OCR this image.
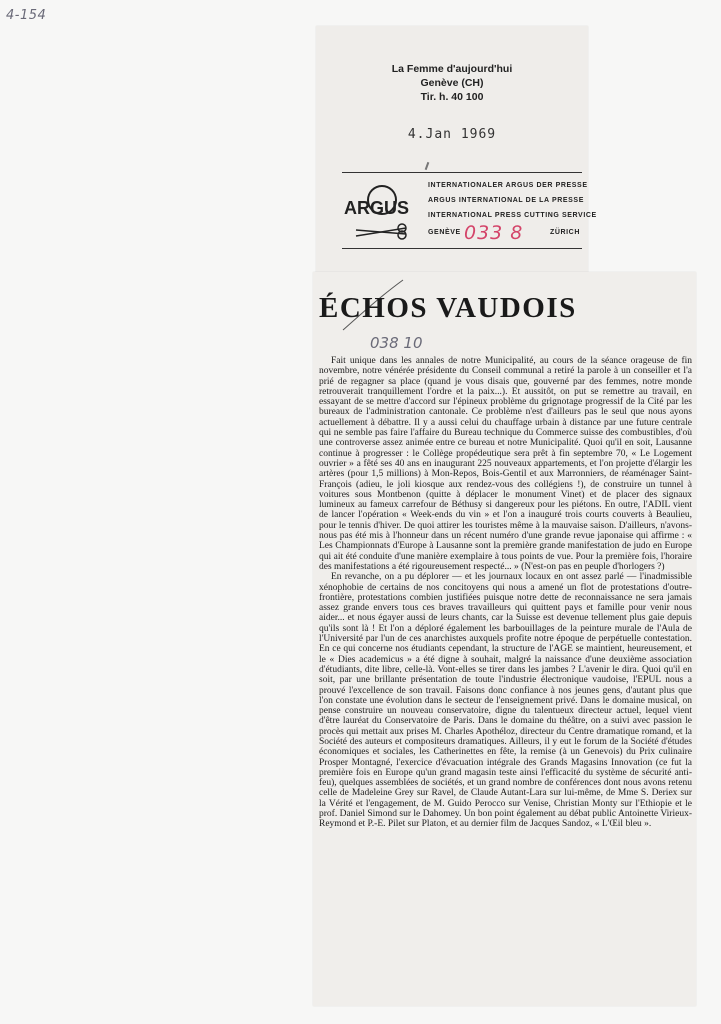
4-154
La Femme d'aujourd'hui
Genève (CH)
Tir. h. 40 100
4.Jan 1969
ARGUS
INTERNATIONALER ARGUS DER PRESSE
ARGUS INTERNATIONAL DE LA PRESSE
INTERNATIONAL PRESS CUTTING SERVICE
GENÈVE 033 8	ZÜRICH
ÉCHOS VAUDOIS
038 10

Fait unique dans les annales de notre Municipalité, au cours de la séance orageuse de fin novembre, notre vénérée présidente du Conseil communal a retiré la parole à un conseiller et l'a prié de regagner sa place (quand je vous disais que, gouverné par des femmes, notre monde retrouverait tranquillement l'ordre et la paix...). Et aussitôt, on put se remettre au travail, en essayant de se mettre d'accord sur l'épineux problème du grignotage progressif de la Cité par les bureaux de l'administration cantonale. Ce problème n'est d'ailleurs pas le seul que nous ayons actuellement à débattre. Il y a aussi celui du chauffage urbain à distance par une future centrale qui ne semble pas faire l'affaire du Bureau technique du Commerce suisse des combustibles, d'où une controverse assez animée entre ce bureau et notre Municipalité. Quoi qu'il en soit, Lausanne continue à progresser : le Collège propédeutique sera prêt à fin septembre 70, « Le Logement ouvrier » a fêté ses 40 ans en inaugurant 225 nouveaux appartements, et l'on projette d'élargir les artères (pour 1,5 millions) à Mon-Repos, Bois-Gentil et aux Marronniers, de réaménager Saint-François (adieu, le joli kiosque aux rendez-vous des collégiens !), de construire un tunnel à voitures sous Montbenon (quitte à déplacer le monument Vinet) et de placer des signaux lumineux au fameux carrefour de Béthusy si dangereux pour les piétons. En outre, l'ADIL vient de lancer l'opération « Week-ends du vin » et l'on a inauguré trois courts couverts à Beaulieu, pour le tennis d'hiver. De quoi attirer les touristes même à la mauvaise saison. D'ailleurs, n'avons-nous pas été mis à l'honneur dans un récent numéro d'une grande revue japonaise qui affirme : « Les Championnats d'Europe à Lausanne sont la première grande manifestation de judo en Europe qui ait été conduite d'une manière exemplaire à tous points de vue. Pour la première fois, l'horaire des manifestations a été rigoureusement respecté... » (N'est-on pas en peuple d'horlogers ?)

En revanche, on a pu déplorer — et les journaux locaux en ont assez parlé — l'inadmissible xénophobie de certains de nos concitoyens qui nous a amené un flot de protestations d'outre-frontière, protestations combien justifiées puisque notre dette de reconnaissance ne sera jamais assez grande envers tous ces braves travailleurs qui quittent pays et famille pour venir nous aider... et nous égayer aussi de leurs chants, car la Suisse est devenue tellement plus gaie depuis qu'ils sont là ! Et l'on a déploré également les barbouillages de la peinture murale de l'Aula de l'Université par l'un de ces anarchistes auxquels profite notre époque de perpétuelle contestation. En ce qui concerne nos étudiants cependant, la structure de l'AGE se maintient, heureusement, et le « Dies academicus » a été digne à souhait, malgré la naissance d'une deuxième association d'étudiants, dite libre, celle-là. Vont-elles se tirer dans les jambes ? L'avenir le dira. Quoi qu'il en soit, par une brillante présentation de toute l'industrie électronique vaudoise, l'EPUL nous a prouvé l'excellence de son travail. Faisons donc confiance à nos jeunes gens, d'autant plus que l'on constate une évolution dans le secteur de l'enseignement privé. Dans le domaine musical, on pense construire un nouveau conservatoire, digne du talentueux directeur actuel, lequel vient d'être lauréat du Conservatoire de Paris. Dans le domaine du théâtre, on a suivi avec passion le procès qui mettait aux prises M. Charles Apothéloz, directeur du Centre dramatique romand, et la Société des auteurs et compositeurs dramatiques. Ailleurs, il y eut le forum de la Société d'études économiques et sociales, les Catherinettes en fête, la remise (à un Genevois) du Prix culinaire Prosper Montagné, l'exercice d'évacuation intégrale des Grands Magasins Innovation (ce fut la première fois en Europe qu'un grand magasin teste ainsi l'efficacité du système de sécurité anti-feu), quelques assemblées de sociétés, et un grand nombre de conférences dont nous avons retenu celle de Madeleine Grey sur Ravel, de Claude Autant-Lara sur lui-même, de Mme S. Deriex sur la Vérité et l'engagement, de M. Guido Perocco sur Venise, Christian Monty sur l'Ethiopie et le prof. Daniel Simond sur le Dahomey. Un bon point également au débat public Antoinette Virieux-Reymond et P.-E. Pilet sur Platon, et au dernier film de Jacques Sandoz, « L'Œil bleu ».
